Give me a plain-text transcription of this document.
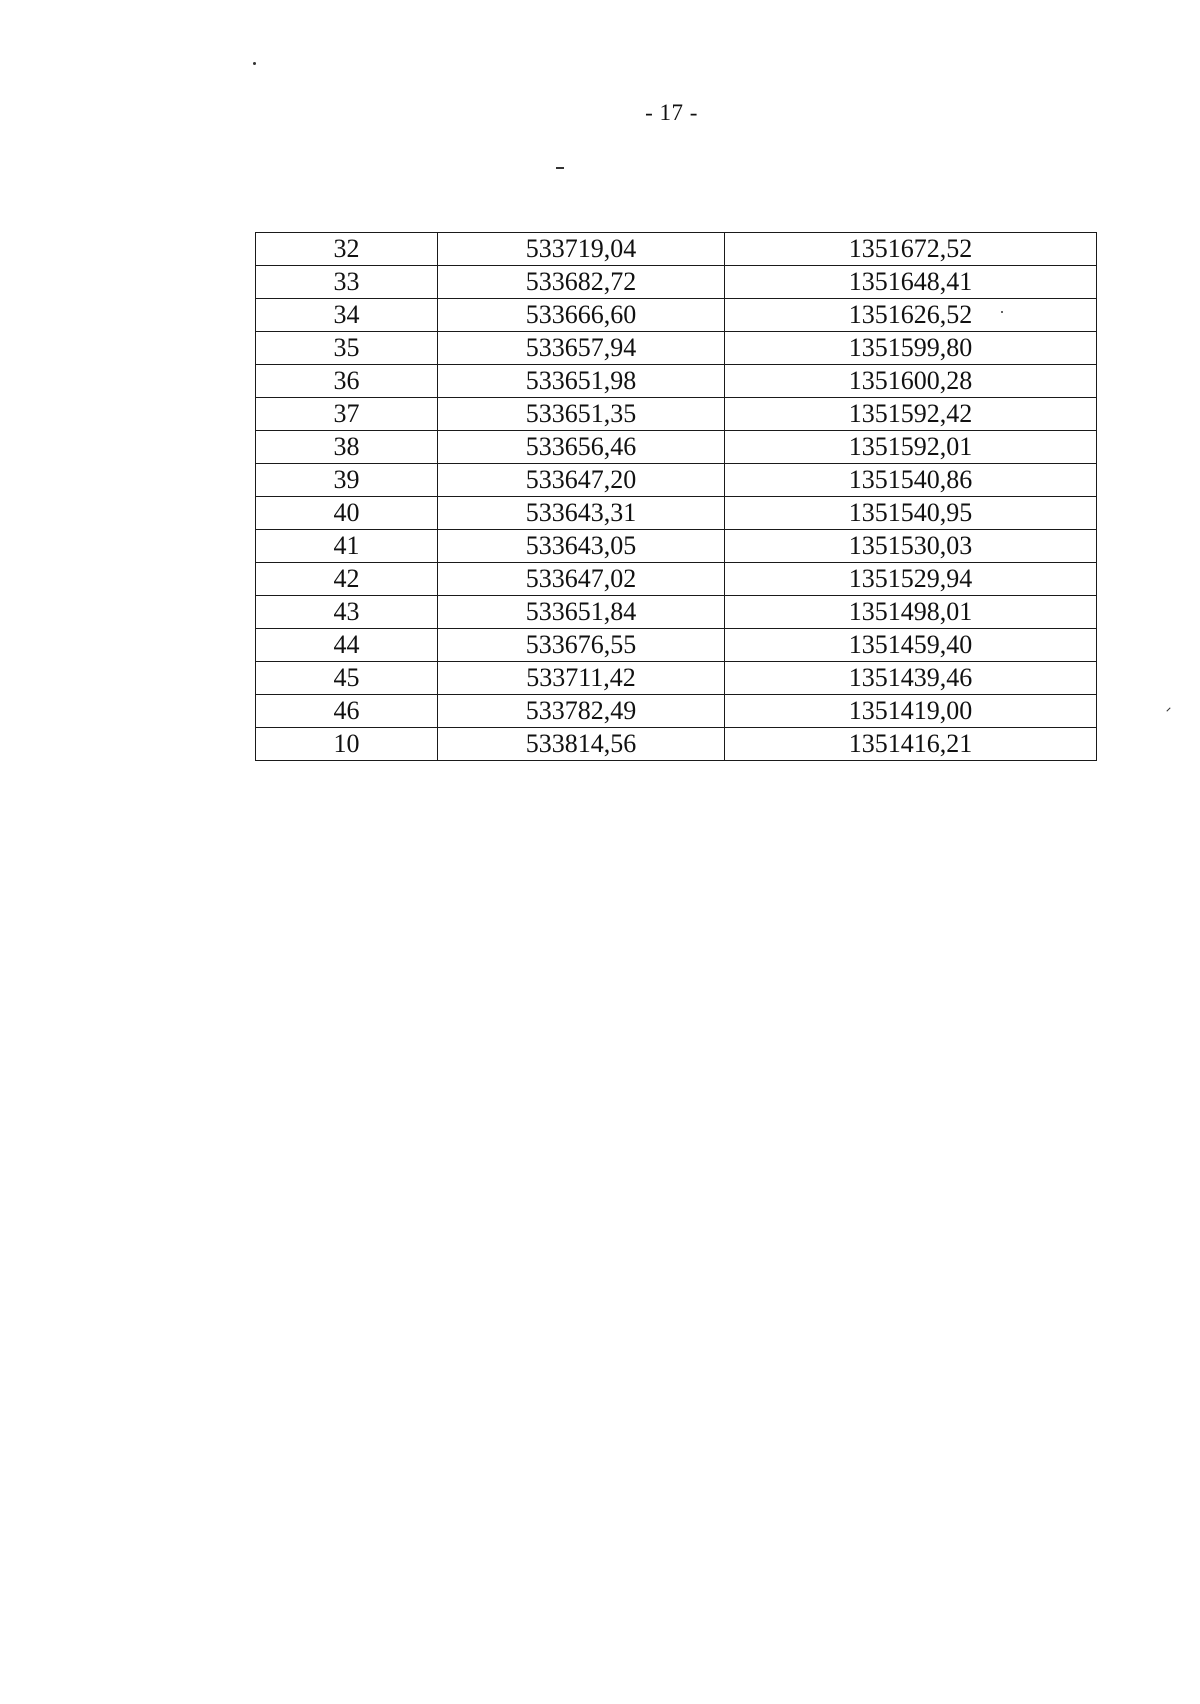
- 17 -
32	533719,04	1351672,52
33	533682,72	1351648,41
34	533666,60	1351626,52
35	533657,94	1351599,80
36	533651,98	1351600,28
37	533651,35	1351592,42
38	533656,46	1351592,01
39	533647,20	1351540,86
40	533643,31	1351540,95
41	533643,05	1351530,03
42	533647,02	1351529,94
43	533651,84	1351498,01
44	533676,55	1351459,40
45	533711,42	1351439,46
46	533782,49	1351419,00
10	533814,56	1351416,21
